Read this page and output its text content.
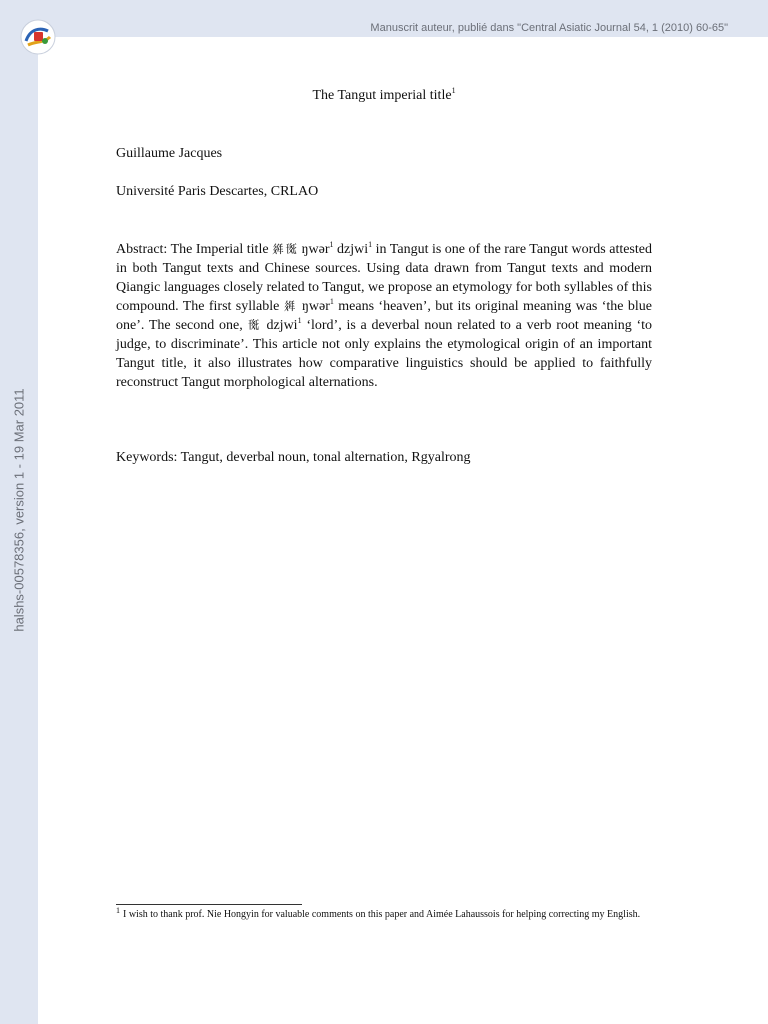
Manuscrit auteur, publié dans "Central Asiatic Journal 54, 1 (2010) 60-65"
halshs-00578356, version 1 - 19 Mar 2011
The Tangut imperial title$^1$
Guillaume Jacques
Université Paris Descartes, CRLAO

Abstract: The Imperial title 𗤶𗍊 ŋwər$^1$ dzjwi$^1$ in Tangut is one of the rare Tangut words attested in both Tangut texts and Chinese sources. Using data drawn from Tangut texts and modern Qiangic languages closely related to Tangut, we propose an etymology for both syllables of this compound. The first syllable 𗤶 ŋwər$^1$ means ‘heaven’, but its original meaning was ‘the blue one’. The second one, 𗍊 dzjwi$^1$ ‘lord’, is a deverbal noun related to a verb root meaning ‘to judge, to discriminate’. This article not only explains the etymological origin of an important Tangut title, it also illustrates how comparative linguistics should be applied to faithfully reconstruct Tangut morphological alternations.

Keywords: Tangut, deverbal noun, tonal alternation, Rgyalrong

$^1$ I wish to thank prof. Nie Hongyin for valuable comments on this paper and Aimée Lahaussois for helping correcting my English.
